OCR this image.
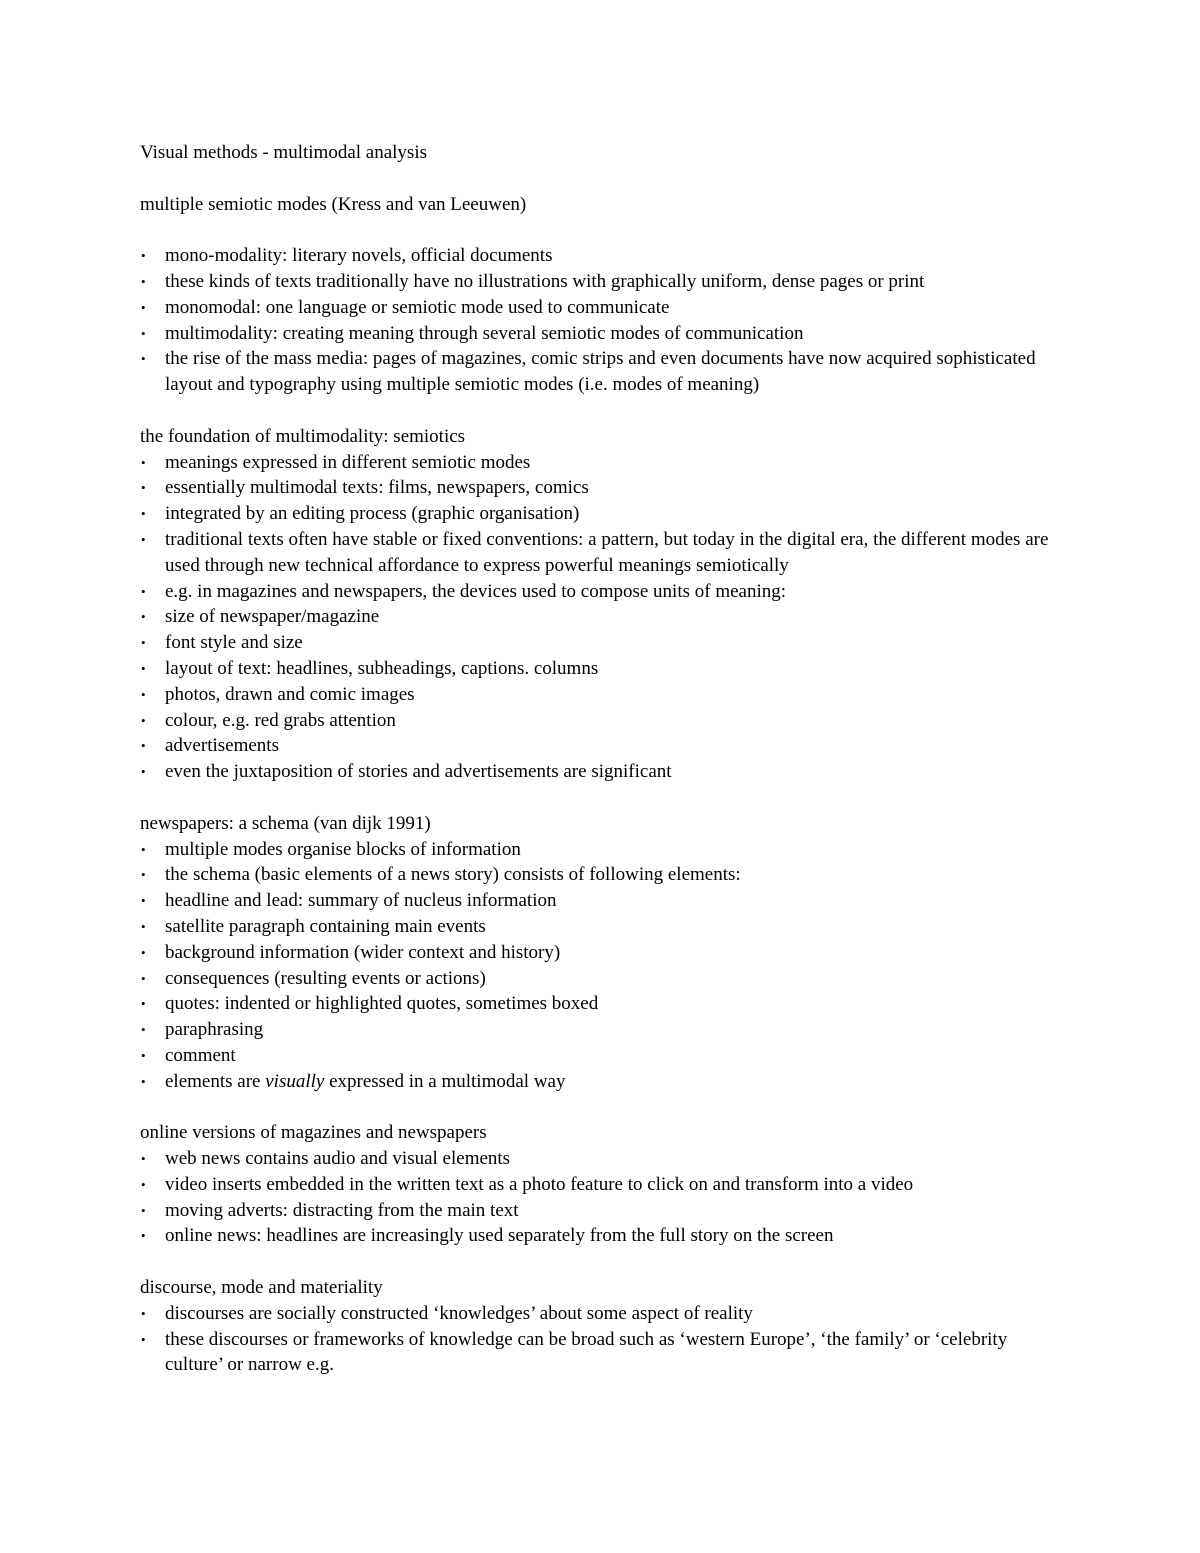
Visual methods - multimodal analysis

multiple semiotic modes (Kress and van Leeuwen)

• mono-modality: literary novels, official documents
• these kinds of texts traditionally have no illustrations with graphically uniform, dense pages or print
• monomodal: one language or semiotic mode used to communicate
• multimodality: creating meaning through several semiotic modes of communication
• the rise of the mass media: pages of magazines, comic strips and even documents have now acquired sophisticated layout and typography using multiple semiotic modes (i.e. modes of meaning)

the foundation of multimodality: semiotics

• meanings expressed in different semiotic modes
• essentially multimodal texts: films, newspapers, comics
• integrated by an editing process (graphic organisation)
• traditional texts often have stable or fixed conventions: a pattern, but today in the digital era, the different modes are used through new technical affordance to express powerful meanings semiotically
• e.g. in magazines and newspapers, the devices used to compose units of meaning:
• size of newspaper/magazine
• font style and size
• layout of text: headlines, subheadings, captions. columns
• photos, drawn and comic images
• colour, e.g. red grabs attention
• advertisements
• even the juxtaposition of stories and advertisements are significant

newspapers: a schema (van dijk 1991)

• multiple modes organise blocks of information
• the schema (basic elements of a news story) consists of following elements:
• headline and lead: summary of nucleus information
• satellite paragraph containing main events
• background information (wider context and history)
• consequences (resulting events or actions)
• quotes: indented or highlighted quotes, sometimes boxed
• paraphrasing
• comment
• elements are visually expressed in a multimodal way

online versions of magazines and newspapers

• web news contains audio and visual elements
• video inserts embedded in the written text as a photo feature to click on and transform into a video
• moving adverts: distracting from the main text
• online news: headlines are increasingly used separately from the full story on the screen

discourse, mode and materiality

• discourses are socially constructed ‘knowledges’ about some aspect of reality
• these discourses or frameworks of knowledge can be broad such as ‘western Europe’, ‘the family’ or ‘celebrity culture’ or narrow e.g.
